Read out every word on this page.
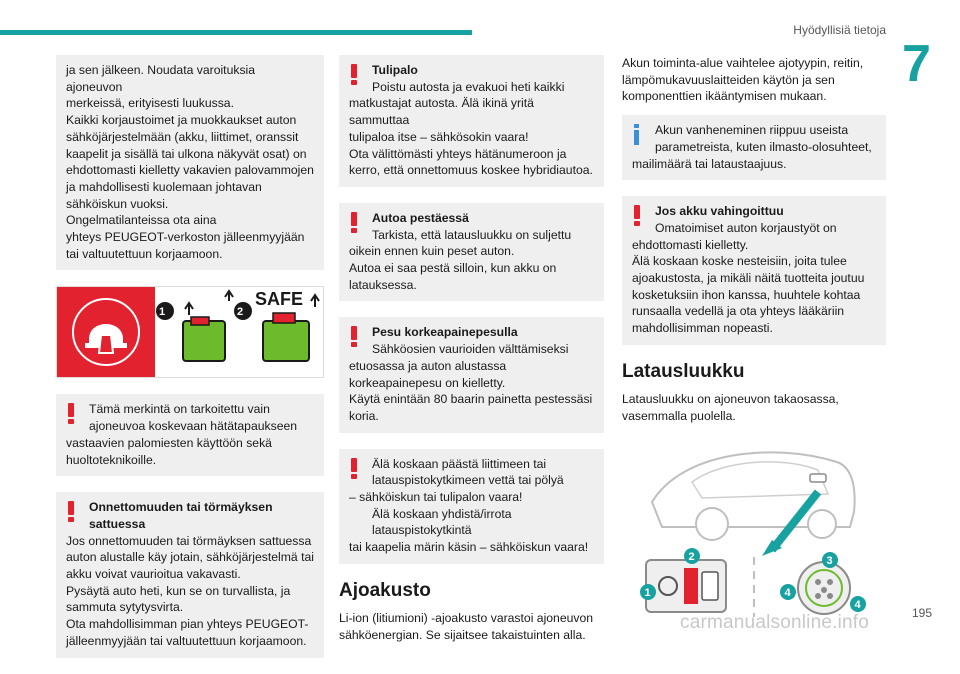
Hyödyllisiä tietoja
7
ja sen jälkeen. Noudata varoituksia ajoneuvon
merkeissä, erityisesti luukussa.
Kaikki korjaustoimet ja muokkaukset auton
sähköjärjestelmään (akku, liittimet, oranssit
kaapelit ja sisällä tai ulkona näkyvät osat) on
ehdottomasti kielletty vakavien palovammojen
ja mahdollisesti kuolemaan johtavan
sähköiskun vuoksi.
Ongelmatilanteissa ota aina
yhteys PEUGEOT-verkoston jälleenmyyjään
tai valtuutettuun korjaamoon.
1	2
SAFE
Tämä merkintä on tarkoitettu vain
ajoneuvoa koskevaan hätätapaukseen
vastaavien palomiesten käyttöön sekä
huoltoteknikoille.
Onnettomuuden tai törmäyksen
sattuessa
Jos onnettomuuden tai törmäyksen sattuessa
auton alustalle käy jotain, sähköjärjestelmä tai
akku voivat vaurioitua vakavasti.
Pysäytä auto heti, kun se on turvallista, ja
sammuta sytytysvirta.
Ota mahdollisimman pian yhteys PEUGEOT-
jälleenmyyjään tai valtuutettuun korjaamoon.
Tulipalo
Poistu autosta ja evakuoi heti kaikki
matkustajat autosta. Älä ikinä yritä sammuttaa
tulipaloa itse – sähkösokin vaara!
Ota välittömästi yhteys hätänumeroon ja
kerro, että onnettomuus koskee hybridiautoa.
Autoa pestäessä
Tarkista, että latausluukku on suljettu
oikein ennen kuin peset auton.
Autoa ei saa pestä silloin, kun akku on
latauksessa.
Pesu korkeapainepesulla
Sähköosien vaurioiden välttämiseksi
etuosassa ja auton alustassa
korkeapainepesu on kielletty.
Käytä enintään 80 baarin painetta pestessäsi
koria.
Älä koskaan päästä liittimeen tai
latauspistokytkimeen vettä tai pölyä
– sähköiskun tai tulipalon vaara!
Älä koskaan yhdistä/irrota latauspistokytkintä
tai kaapelia märin käsin – sähköiskun vaara!
Ajoakusto
Li-ion (litiumioni) -ajoakusto varastoi ajoneuvon
sähköenergian. Se sijaitsee takaistuinten alla.
Akun toiminta-alue vaihtelee ajotyypin, reitin,
lämpömukavuuslaitteiden käytön ja sen
komponenttien ikääntymisen mukaan.
Akun vanheneminen riippuu useista
parametreista, kuten ilmasto-olosuhteet,
mailimäärä tai lataustaajuus.
Jos akku vahingoittuu
Omatoimiset auton korjaustyöt on
ehdottomasti kielletty.
Älä koskaan koske nesteisiin, joita tulee
ajoakustosta, ja mikäli näitä tuotteita joutuu
kosketuksiin ihon kanssa, huuhtele kohtaa
runsaalla vedellä ja ota yhteys lääkäriin
mahdollisimman nopeasti.
Latausluukku
Latausluukku on ajoneuvon takaosassa,
vasemmalla puolella.
1
2	3
4
4
195
carmanualsonline.info
